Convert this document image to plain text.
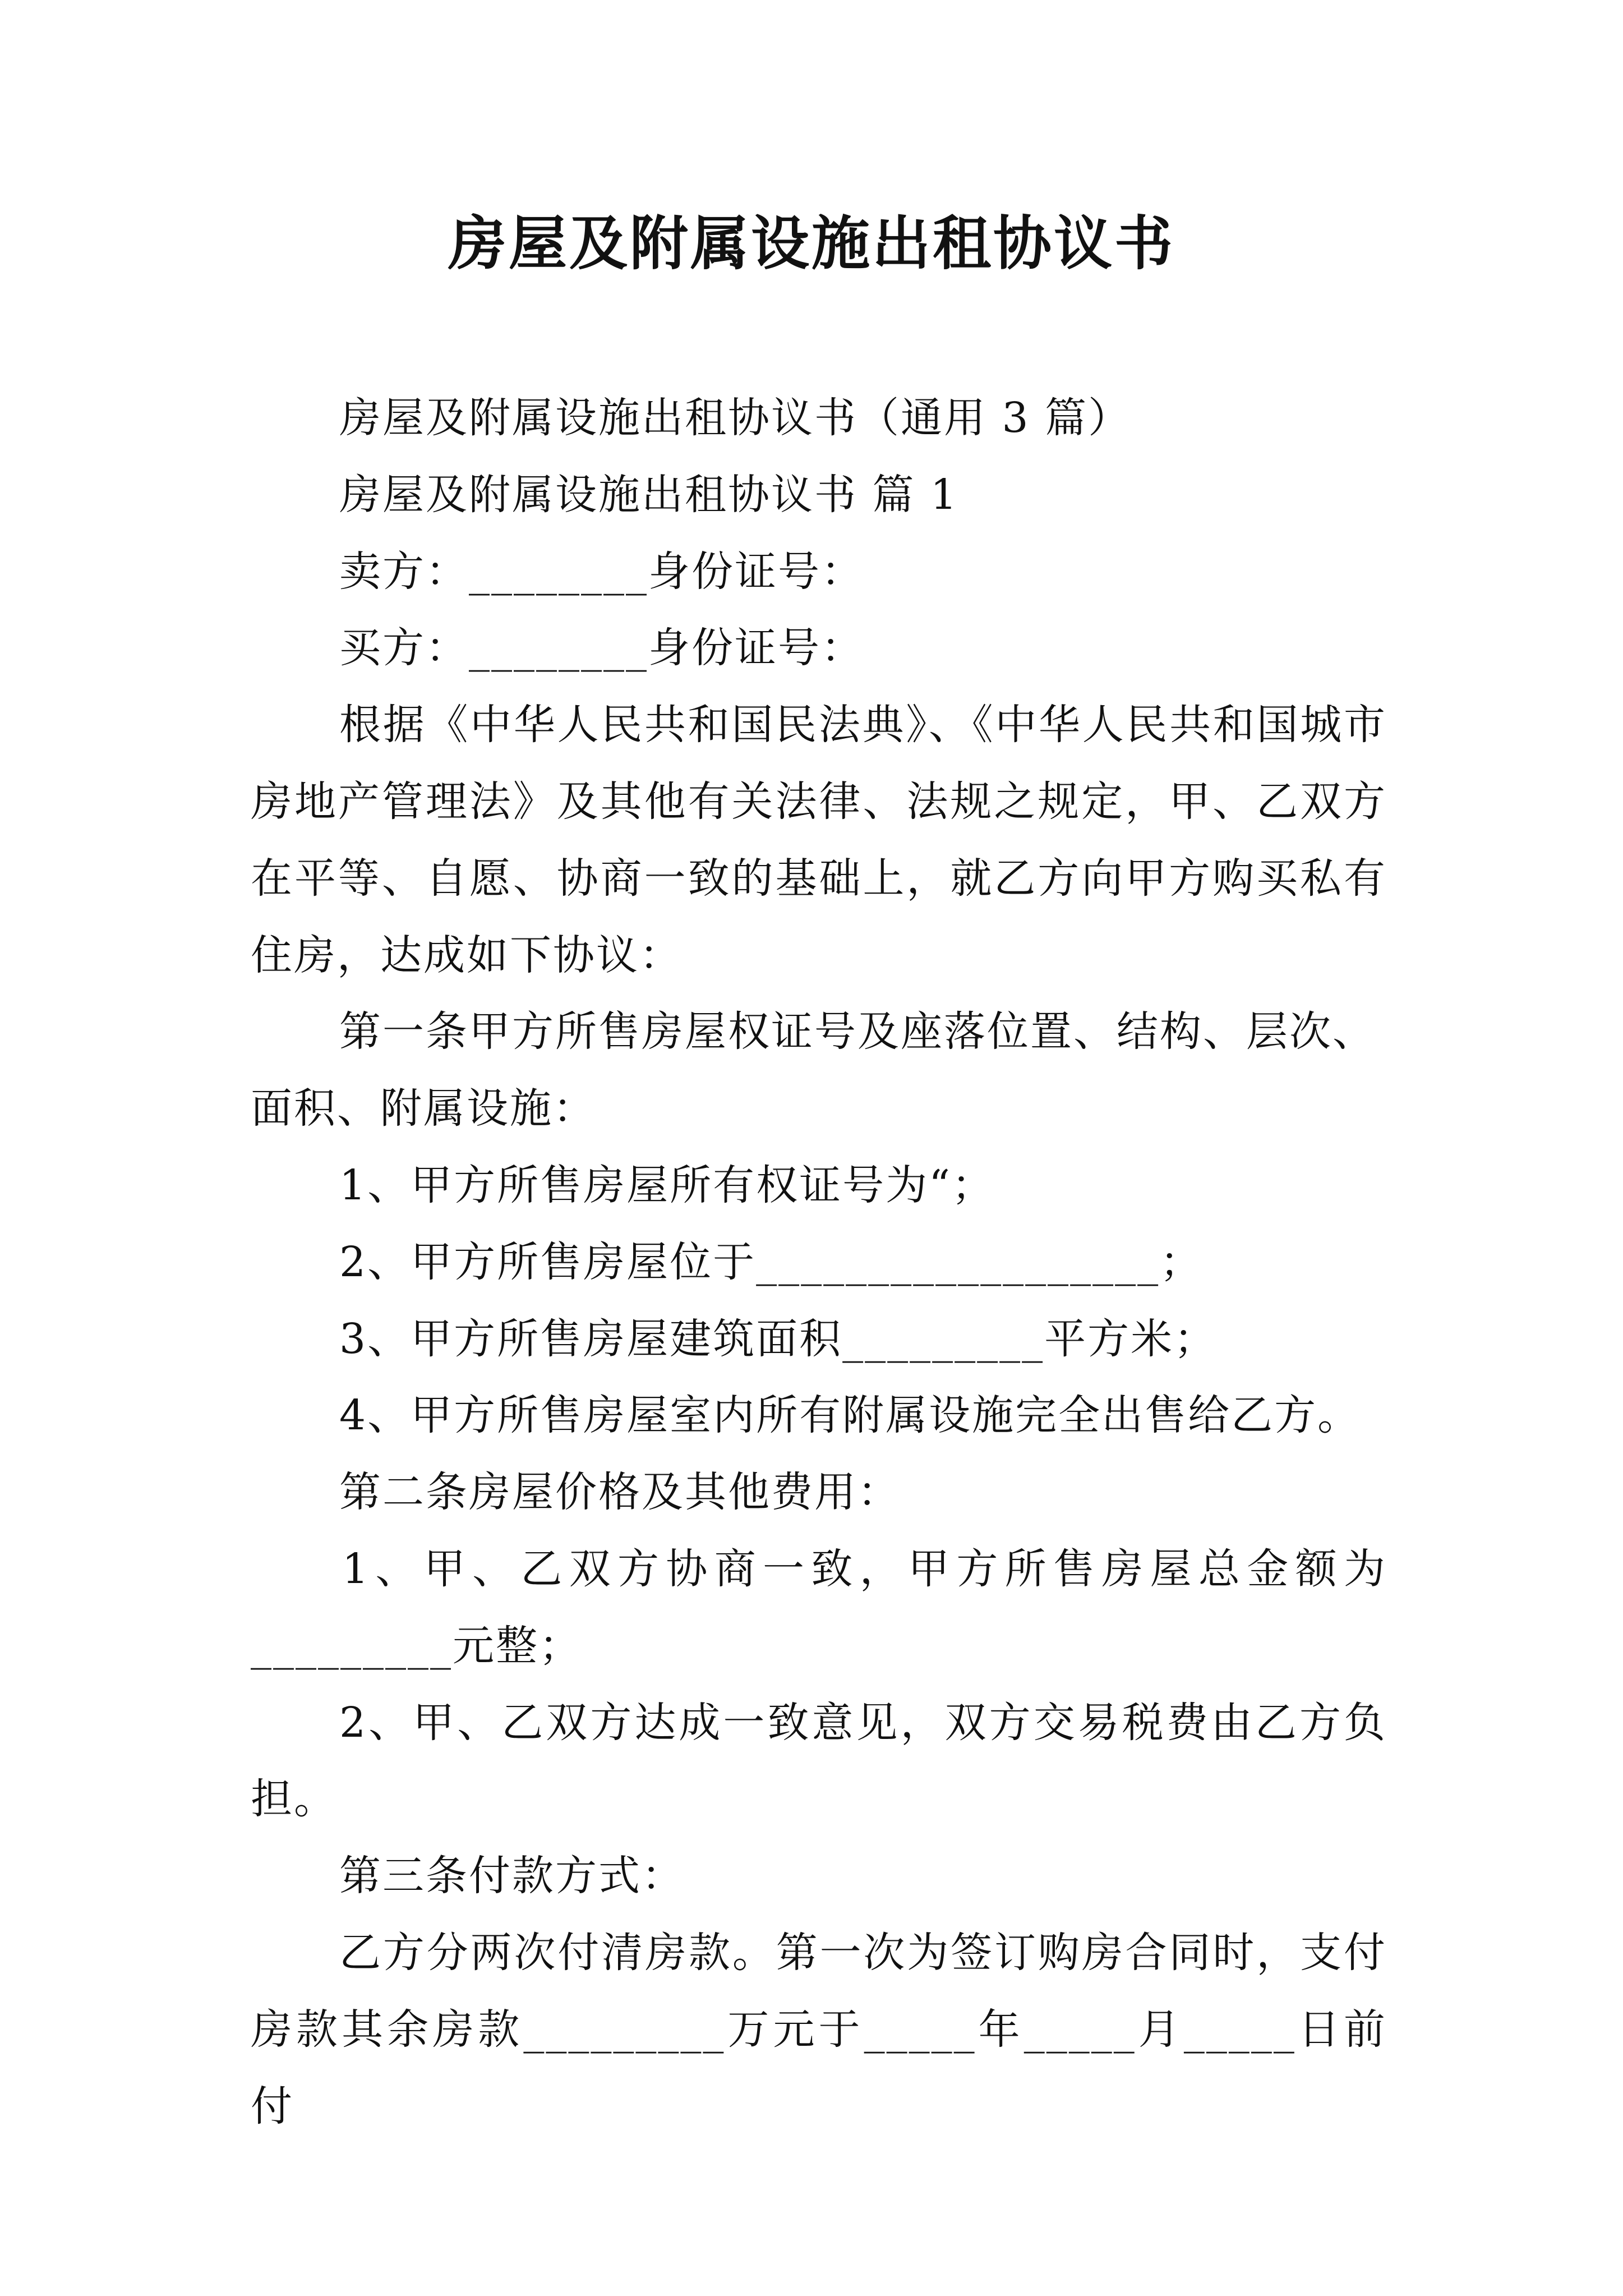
房屋及附属设施出租协议书
房屋及附属设施出租协议书（通用 3 篇）
房屋及附属设施出租协议书 篇 1
卖方：________身份证号：
买方：________身份证号：
根据《中华人民共和国民法典》、《中华人民共和国城市
房地产管理法》及其他有关法律、法规之规定，甲、乙双方
在平等、自愿、协商一致的基础上，就乙方向甲方购买私有
住房，达成如下协议：
第一条甲方所售房屋权证号及座落位置、结构、层次、
面积、附属设施：
1、甲方所售房屋所有权证号为“；
2、甲方所售房屋位于__________________；
3、甲方所售房屋建筑面积_________平方米；
4、甲方所售房屋室内所有附属设施完全出售给乙方。
第二条房屋价格及其他费用：
1、甲、乙双方协商一致，甲方所售房屋总金额为
_________元整；
2、甲、乙双方达成一致意见，双方交易税费由乙方负
担。
第三条付款方式：
乙方分两次付清房款。第一次为签订购房合同时，支付
房款其余房款_________万元于_____年_____月_____日前付
